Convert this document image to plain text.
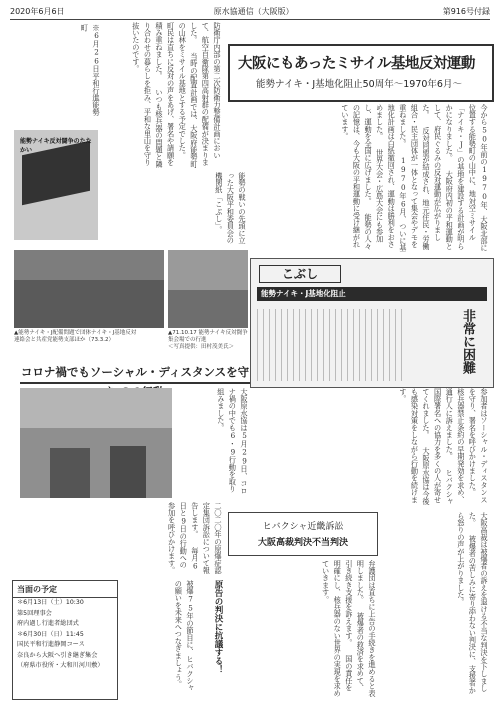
2020年6月6日	原水協通信（大阪版）	第916号付録
大阪にもあったミサイル基地反対運動
能勢ナイキ・J基地化阻止50周年～1970年6月～
今から50年前の1970年、大阪北部に位置する能勢町の山中に、地対空ミサイル「ナイキ・J」の基地を建設する計画が明らかになりました。 大阪府内初の平和運動として、府民ぐるみの反対運動が広がりました。 反対同盟が結成され、地元住民・労働組合・民主団体が一体となって集会やデモを重ねました。 1970年6月、ついに基地化計画は白紙撤回され、運動は勝利をおさめました。 世界大会・広島大会にも参加し、運動を全国に広げました。 能勢の人々の記憶は、今も大阪の平和運動に受け継がれています。
防衛庁内部の第二次防衛力整備計画において、航空自衛隊第四高射群の配備が決まりました。 当時の配置計画では、大阪府能勢町の山林をミサイル基地とする予定でした。 町民は直ちに反対の声をあげ、署名や請願を積み重ねました。 いつも核兵器の問題と隣り合わせの暮らしを拒み、平和な里山を守り抜いたのです。
※6月26日平和行進能勢町
能勢ナイキ反対闘争のたたかい
能勢の戦いの先頭に立った大阪平和委員会の機関紙「こぶし」。
▲能勢ナイキ・J配備問題で団体ナイキ・J基地反対
連絡会と共産党能勢支部ほか（73.3.2）
▲71.10.17 能勢ナイキ反対闘争集会場での行進
＜写真提供：田村茂美氏＞
こぶし
能勢ナイキ・J基地化阻止
非常に困難
コロナ禍でもソーシャル・ディスタンスを守
大阪原水協は5月29日、コロナ禍の中でも6・9行動を取り組みました。	参加者はソーシャル・ディスタンスを守り、署名を呼びかけました。 核兵器禁止条約の早期発効を求め、通行人に訴えました。 ヒバクシャ国際署名への協力を多くの人が寄せてくれました。 大阪原水協は今後も感染対策をしながら行動を続けます。
二〇二〇年の原爆症認定集団訴訟について報告します。 毎月6日と9日の行動への参加を呼びかけます。	ヒバクシャ近畿訴訟
大阪高裁判決不当判決	大阪高裁は被爆者の訴えを退ける不当な判決を下しました。 被爆者の苦しみに寄り添わない判決に、支援者から怒りの声が上がりました。
弁護団は直ちに上告の手続きを進めると表明しました。 被爆者の救済を求めて、引き続き支援を訴えます。 国の責任を明確にし、核兵器のない世界の実現を求めていきます。
原告の判決に抗議する！
当面の予定
＊6月13日（土）10:30
第5回理事会
府内過し行進者総団式
＊6月30日（日）11:45
国民平和行進静岡コース
奈良から大阪へ引き継ぎ集会
（府県市役所・大和川河川敷）	被爆75年の節目に、ヒバクシャの願いを未来へつなぎましょう。
